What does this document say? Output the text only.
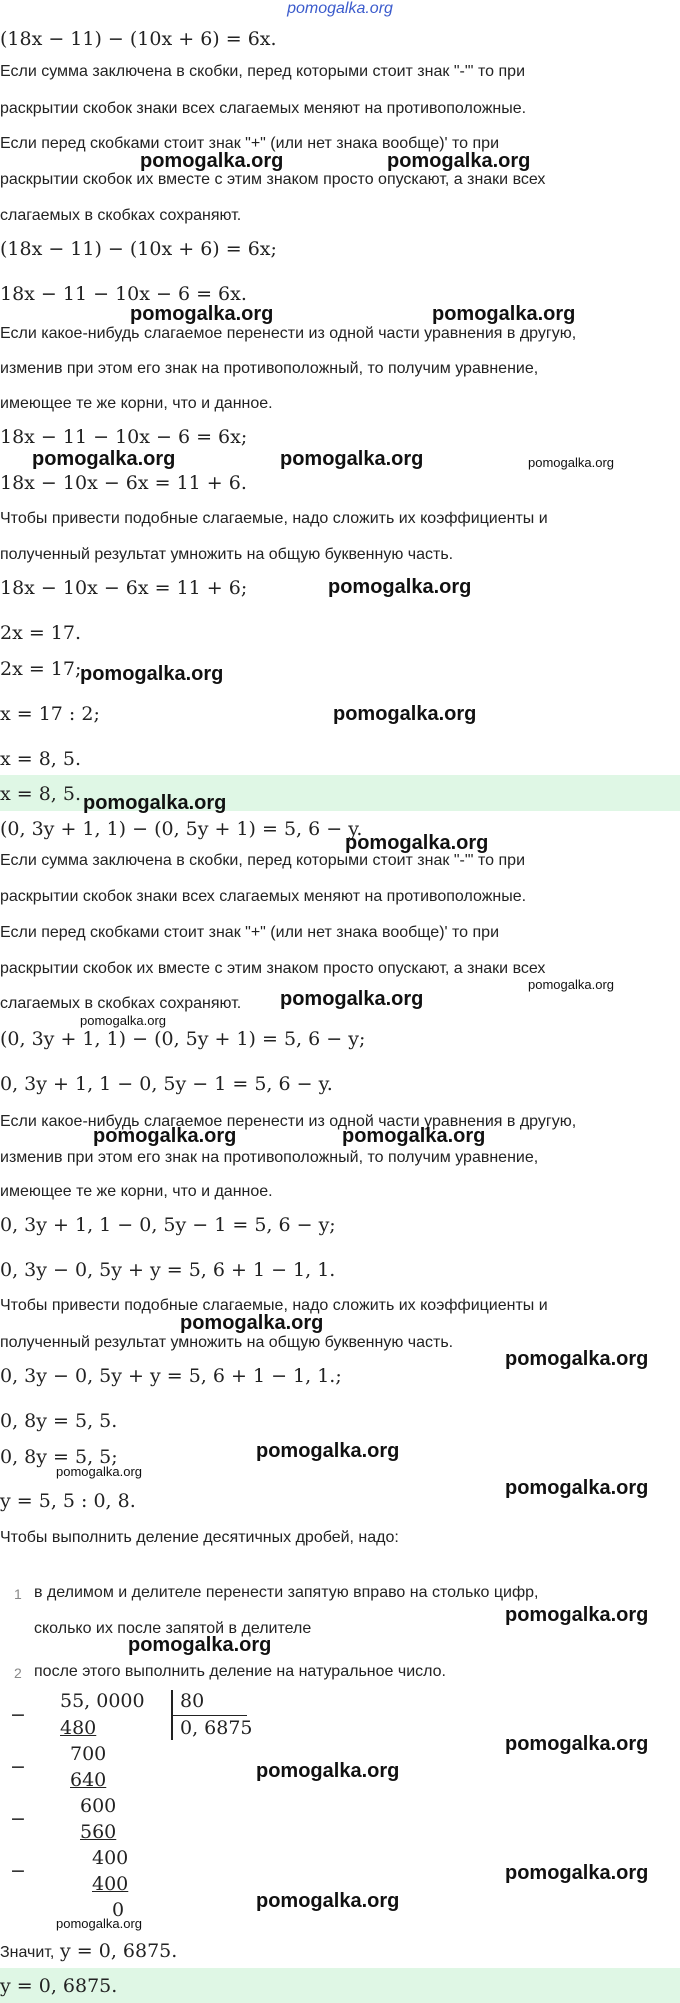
pomogalka.org
(18x − 11) − (10x + 6) = 6x.
Если сумма заключена в скобки, перед которыми стоит знак "-"' то при
раскрытии скобок знаки всех слагаемых меняют на противоположные.
Если перед скобками стоит знак "+" (или нет знака вообще)' то при
раскрытии скобок их вместе с этим знаком просто опускают, а знаки всех
слагаемых в скобках сохраняют.
(18x − 11) − (10x + 6) = 6x;
18x − 11 − 10x − 6 = 6x.
Если какое-нибудь слагаемое перенести из одной части уравнения в другую,
изменив при этом его знак на противоположный, то получим уравнение,
имеющее те же корни, что и данное.
18x − 11 − 10x − 6 = 6x;
18x − 10x − 6x = 11 + 6.
Чтобы привести подобные слагаемые, надо сложить их коэффициенты и
полученный результат умножить на общую буквенную часть.
18x − 10x − 6x = 11 + 6;
2x = 17.
2x = 17;
x = 17 : 2;
x = 8, 5.
x = 8, 5.
(0, 3y + 1, 1) − (0, 5y + 1) = 5, 6 − y.
Если сумма заключена в скобки, перед которыми стоит знак "-"' то при
раскрытии скобок знаки всех слагаемых меняют на противоположные.
Если перед скобками стоит знак "+" (или нет знака вообще)' то при
раскрытии скобок их вместе с этим знаком просто опускают, а знаки всех
слагаемых в скобках сохраняют.
(0, 3y + 1, 1) − (0, 5y + 1) = 5, 6 − y;
0, 3y + 1, 1 − 0, 5y − 1 = 5, 6 − y.
Если какое-нибудь слагаемое перенести из одной части уравнения в другую,
изменив при этом его знак на противоположный, то получим уравнение,
имеющее те же корни, что и данное.
0, 3y + 1, 1 − 0, 5y − 1 = 5, 6 − y;
0, 3y − 0, 5y + y = 5, 6 + 1 − 1, 1.
Чтобы привести подобные слагаемые, надо сложить их коэффициенты и
полученный результат умножить на общую буквенную часть.
0, 3y − 0, 5y + y = 5, 6 + 1 − 1, 1.;
0, 8y = 5, 5.
0, 8y = 5, 5;
y = 5, 5 : 0, 8.
Чтобы выполнить деление десятичных дробей, надо:
1 в делимом и делителе перенести запятую вправо на столько цифр,
сколько их после запятой в делителе
2 после этого выполнить деление на натуральное число.
55, 0000 80
0, 6875
−
480
700
−
640
600
−
560
400
−
400
0
Значит, y = 0, 6875.
y = 0, 6875.
pomogalka.org	pomogalka.org
pomogalka.org	pomogalka.org
pomogalka.org	pomogalka.org	pomogalka.org
pomogalka.org
pomogalka.org
pomogalka.org
pomogalka.org
pomogalka.org
pomogalka.org
pomogalka.org
pomogalka.org
pomogalka.org	pomogalka.org
pomogalka.org
pomogalka.org
pomogalka.org
pomogalka.org
pomogalka.org
pomogalka.org
pomogalka.org
pomogalka.org
pomogalka.org
pomogalka.org
pomogalka.org
pomogalka.org
